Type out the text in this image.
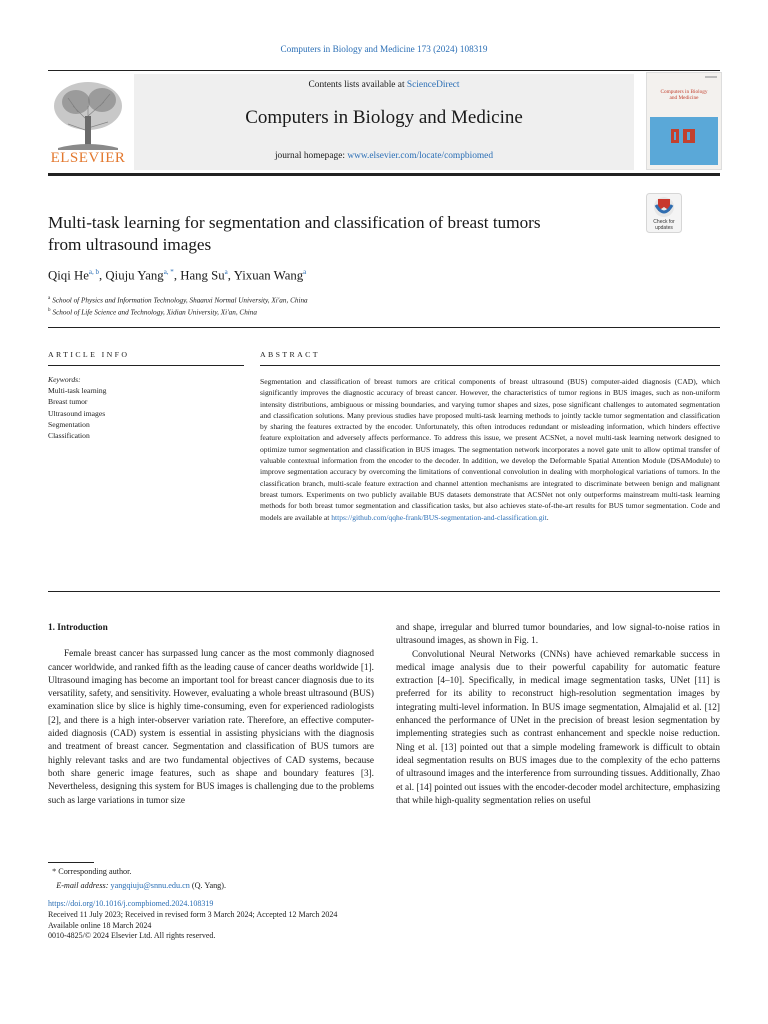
Computers in Biology and Medicine 173 (2024) 108319
ELSEVIER
Contents lists available at ScienceDirect
Computers in Biology and Medicine
journal homepage: www.elsevier.com/locate/compbiomed
Computers in Biology
and Medicine
Multi-task learning for segmentation and classification of breast tumors
from ultrasound images
Check for
updates
Qiqi He$^{a, b}$, Qiuju Yang$^{a, *}$, Hang Su$^a$, Yixuan Wang$^a$
$^a$ School of Physics and Information Technology, Shaanxi Normal University, Xi'an, China
$^b$ School of Life Science and Technology, Xidian University, Xi'an, China
ARTICLE INFO	ABSTRACT
Keywords:
Multi-task learning
Breast tumor
Ultrasound images
Segmentation
Classification
Segmentation and classification of breast tumors are critical components of breast ultrasound (BUS) computer-aided diagnosis (CAD), which significantly improves the diagnostic accuracy of breast cancer. However, the characteristics of tumor regions in BUS images, such as non-uniform intensity distributions, ambiguous or missing boundaries, and varying tumor shapes and sizes, pose significant challenges to automated segmentation and classification solutions. Many previous studies have proposed multi-task learning methods to jointly tackle tumor segmentation and classification by sharing the features extracted by the encoder. Unfortunately, this often introduces redundant or misleading information, which hinders effective feature exploitation and adversely affects performance. To address this issue, we present ACSNet, a novel multi-task learning network designed to optimize tumor segmentation and classification in BUS images. The segmentation network incorporates a novel gate unit to allow optimal transfer of valuable contextual information from the encoder to the decoder. In addition, we develop the Deformable Spatial Attention Module (DSAModule) to improve segmentation accuracy by overcoming the limitations of conventional convolution in dealing with morphological variations of tumors. In the classification branch, multi-scale feature extraction and channel attention mechanisms are integrated to discriminate between benign and malignant breast tumors. Experiments on two publicly available BUS datasets demonstrate that ACSNet not only outperforms mainstream multi-task learning methods for both breast tumor segmentation and classification tasks, but also achieves state-of-the-art results for BUS tumor segmentation. Code and models are available at https://github.com/qqhe-frank/BUS-segmentation-and-classification.git.
1. Introduction

Female breast cancer has surpassed lung cancer as the most commonly diagnosed cancer worldwide, and ranked fifth as the leading cause of cancer deaths worldwide [1]. Ultrasound imaging has become an important tool for breast cancer diagnosis due to its versatility, safety, and sensitivity. However, evaluating a whole breast ultrasound (BUS) examination slice by slice is highly time-consuming, even for experienced radiologists [2], and there is a high inter-observer variation rate. Therefore, an effective computer-aided diagnosis (CAD) system is essential in assisting physicians with the diagnosis and treatment of breast cancer. Segmentation and classification of BUS tumors are highly relevant tasks and are two fundamental objectives of CAD systems, because both share generic image features, such as shape and boundary features [3]. Nevertheless, designing this system for BUS images is challenging due to the problems such as large variations in tumor size

and shape, irregular and blurred tumor boundaries, and low signal-to-noise ratios in ultrasound images, as shown in Fig. 1.

Convolutional Neural Networks (CNNs) have achieved remarkable success in medical image analysis due to their powerful capability for automatic feature extraction [4–10]. Specifically, in medical image segmentation tasks, UNet [11] is preferred for its ability to reconstruct high-resolution segmentation images by integrating multi-level information. In BUS image segmentation, Almajalid et al. [12] enhanced the performance of UNet in the precision of breast lesion segmentation by implementing strategies such as contrast enhancement and speckle noise reduction. Ning et al. [13] pointed out that a simple modeling framework is difficult to obtain ideal segmentation results on BUS images due to the complexity of the echo patterns of ultrasound images and the interference from surrounding tissues. Additionally, Zhao et al. [14] pointed out issues with the encoder-decoder model architecture, emphasizing that while high-quality segmentation relies on useful

* Corresponding author.
E-mail address: yangqiuju@snnu.edu.cn (Q. Yang).
https://doi.org/10.1016/j.compbiomed.2024.108319
Received 11 July 2023; Received in revised form 3 March 2024; Accepted 12 March 2024
Available online 18 March 2024
0010-4825/© 2024 Elsevier Ltd. All rights reserved.
